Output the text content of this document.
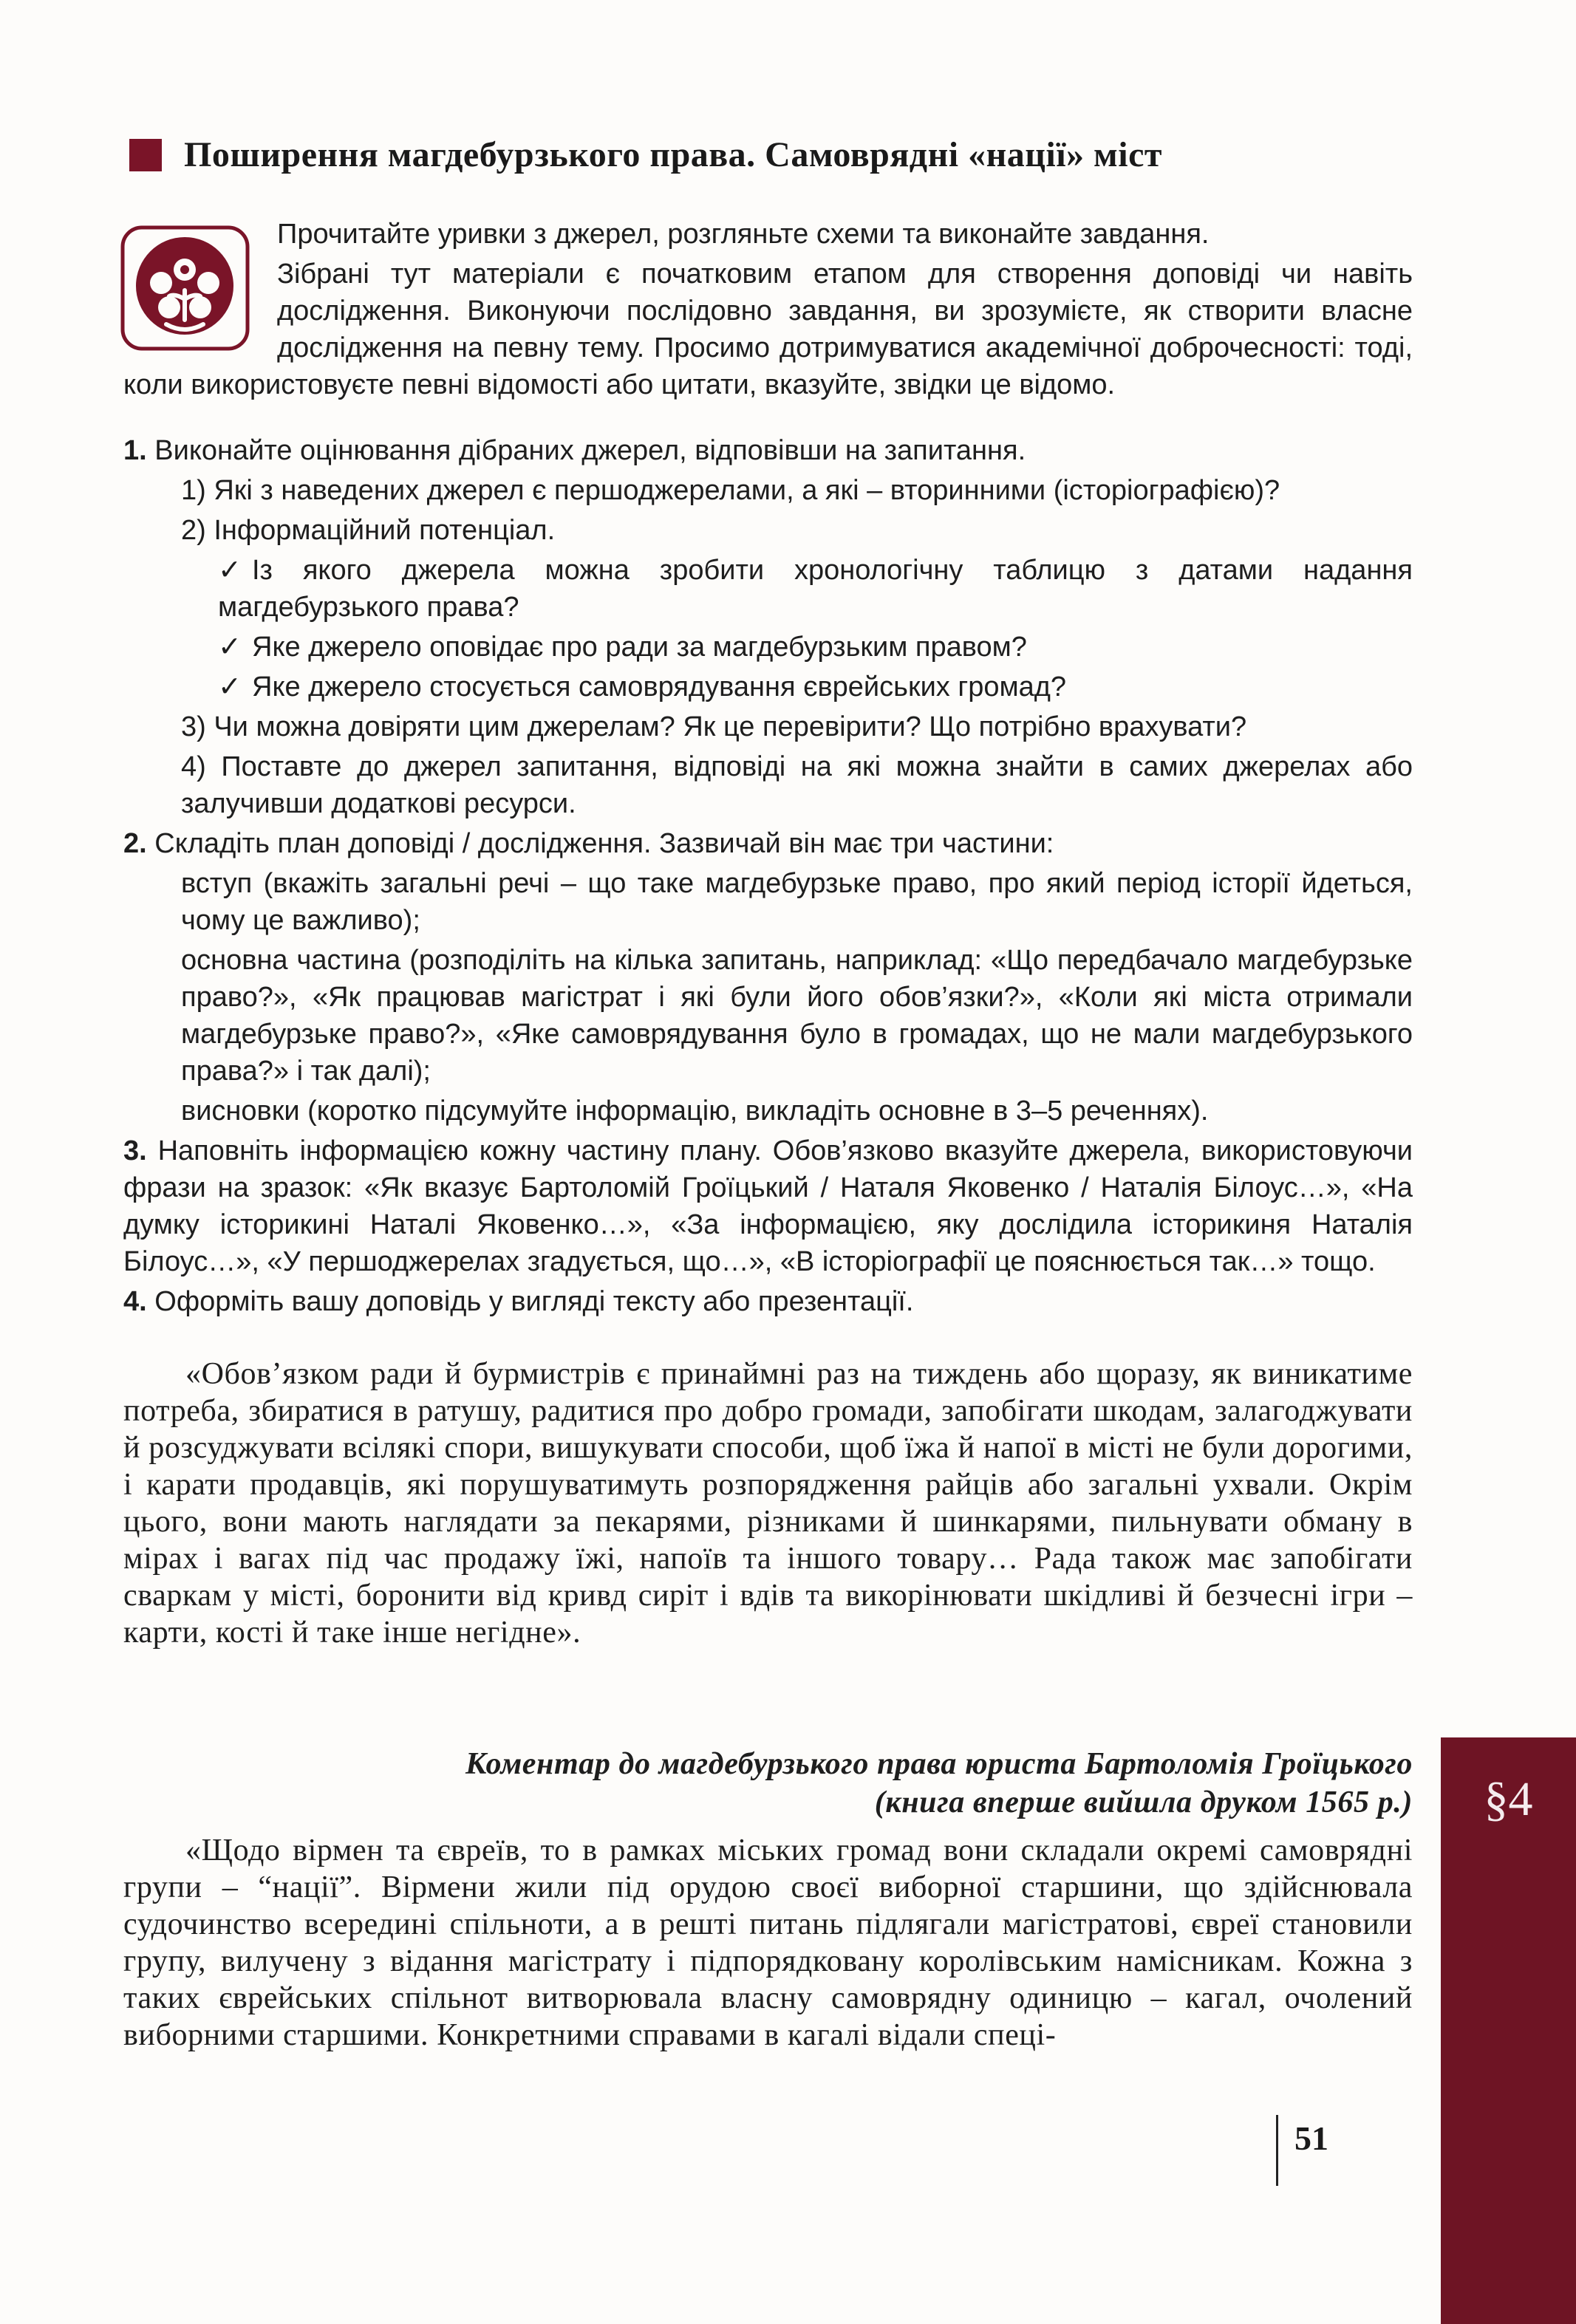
Поширення магдебурзького права. Самоврядні «нації» міст

Прочитайте уривки з джерел, розгляньте схеми та виконайте завдання.

Зібрані тут матеріали є початковим етапом для створення доповіді чи навіть дослідження. Виконуючи послідовно завдання, ви зрозумієте, як створити власне дослідження на певну тему. Просимо дотримуватися академічної доброчесності: тоді, коли використовуєте певні відомості або цитати, вказуйте, звідки це відомо.

1. Виконайте оцінювання дібраних джерел, відповівши на запитання.

1) Які з наведених джерел є першоджерелами, а які – вторинними (історіографією)?

2) Інформаційний потенціал.

✓ Із якого джерела можна зробити хронологічну таблицю з датами надання магдебурзького права?

✓ Яке джерело оповідає про ради за магдебурзьким правом?

✓ Яке джерело стосується самоврядування єврейських громад?

3) Чи можна довіряти цим джерелам? Як це перевірити? Що потрібно врахувати?

4) Поставте до джерел запитання, відповіді на які можна знайти в самих джерелах або залучивши додаткові ресурси.

2. Складіть план доповіді / дослідження. Зазвичай він має три частини:

вступ (вкажіть загальні речі – що таке магдебурзьке право, про який період історії йдеться, чому це важливо);

основна частина (розподіліть на кілька запитань, наприклад: «Що передбачало магдебурзьке право?», «Як працював магістрат і які були його обов’язки?», «Коли які міста отримали магдебурзьке право?», «Яке самоврядування було в громадах, що не мали магдебурзького права?» і так далі);

висновки (коротко підсумуйте інформацію, викладіть основне в 3–5 реченнях).

3. Наповніть інформацією кожну частину плану. Обов’язково вказуйте джерела, використовуючи фрази на зразок: «Як вказує Бартоломій Гроїцький / Наталя Яковенко / Наталія Білоус…», «На думку історикині Наталі Яковенко…», «За інформацією, яку дослідила історикиня Наталія Білоус…», «У першоджерелах згадується, що…», «В історіографії це пояснюється так…» тощо.

4. Оформіть вашу доповідь у вигляді тексту або презентації.

«Обов’язком ради й бурмистрів є принаймні раз на тиждень або щоразу, як виникатиме потреба, збиратися в ратушу, радитися про добро громади, запобігати шкодам, залагоджувати й розсуджувати всілякі спори, вишукувати способи, щоб їжа й напої в місті не були дорогими, і карати продавців, які порушуватимуть розпорядження райців або загальні ухвали. Окрім цього, вони мають наглядати за пекарями, різниками й шинкарями, пильнувати обману в мірах і вагах під час продажу їжі, напоїв та іншого товару… Рада також має запобігати сваркам у місті, боронити від кривд сиріт і вдів та викорінювати шкідливі й безчесні ігри – карти, кості й таке інше негідне».

Коментар до магдебурзького права юриста Бартоломія Гроїцького
(книга вперше вийшла друком 1565 р.)

«Щодо вірмен та євреїв, то в рамках міських громад вони складали окремі самоврядні групи – “нації”. Вірмени жили під орудою своєї виборної старшини, що здійснювала судочинство всередині спільноти, а в решті питань підлягали магістратові, євреї становили групу, вилучену з відання магістрату і підпорядковану королівським намісникам. Кожна з таких єврейських спільнот витворювала власну самоврядну одиницю – кагал, очолений виборними старшими. Конкретними справами в кагалі відали спеці-

§4
51
